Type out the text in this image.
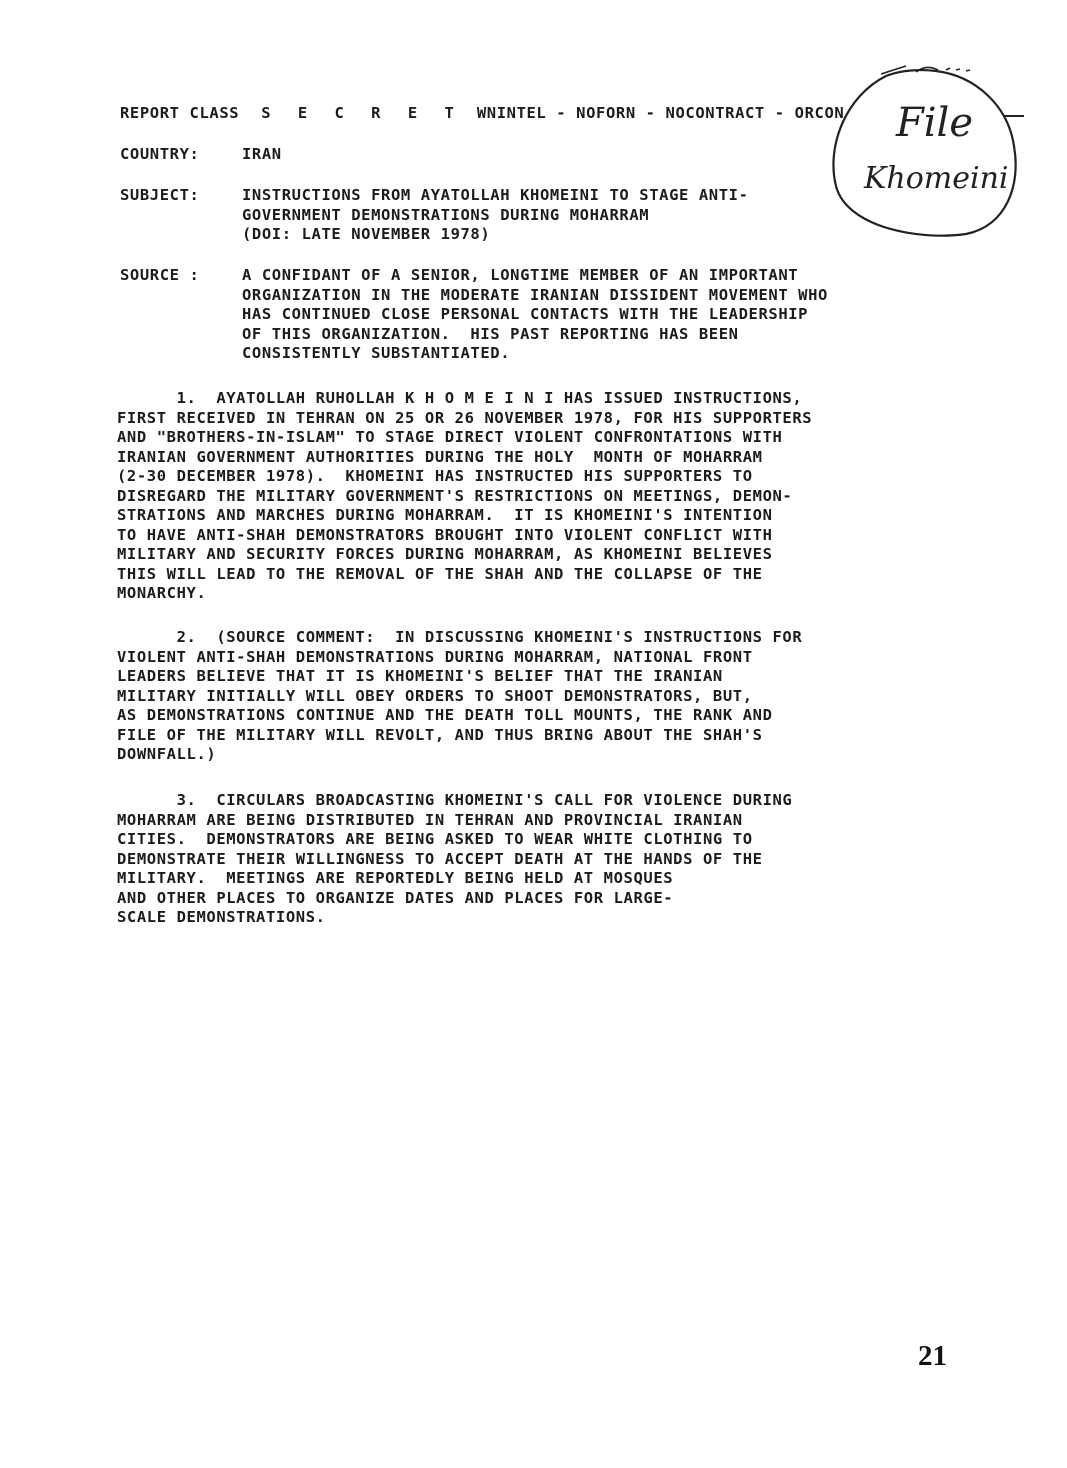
REPORT CLASS S E C R E T WNINTEL - NOFORN - NOCONTRACT - ORCON
COUNTRY:	IRAN
SUBJECT:	INSTRUCTIONS FROM AYATOLLAH KHOMEINI TO STAGE ANTI-
GOVERNMENT DEMONSTRATIONS DURING MOHARRAM
(DOI: LATE NOVEMBER 1978)
SOURCE :	A CONFIDANT OF A SENIOR, LONGTIME MEMBER OF AN IMPORTANT
ORGANIZATION IN THE MODERATE IRANIAN DISSIDENT MOVEMENT WHO
HAS CONTINUED CLOSE PERSONAL CONTACTS WITH THE LEADERSHIP
OF THIS ORGANIZATION.  HIS PAST REPORTING HAS BEEN
CONSISTENTLY SUBSTANTIATED.
1.  AYATOLLAH RUHOLLAH K H O M E I N I HAS ISSUED INSTRUCTIONS,
FIRST RECEIVED IN TEHRAN ON 25 OR 26 NOVEMBER 1978, FOR HIS SUPPORTERS
AND "BROTHERS-IN-ISLAM" TO STAGE DIRECT VIOLENT CONFRONTATIONS WITH
IRANIAN GOVERNMENT AUTHORITIES DURING THE HOLY  MONTH OF MOHARRAM
(2-30 DECEMBER 1978).  KHOMEINI HAS INSTRUCTED HIS SUPPORTERS TO
DISREGARD THE MILITARY GOVERNMENT'S RESTRICTIONS ON MEETINGS, DEMON-
STRATIONS AND MARCHES DURING MOHARRAM.  IT IS KHOMEINI'S INTENTION
TO HAVE ANTI-SHAH DEMONSTRATORS BROUGHT INTO VIOLENT CONFLICT WITH
MILITARY AND SECURITY FORCES DURING MOHARRAM, AS KHOMEINI BELIEVES
THIS WILL LEAD TO THE REMOVAL OF THE SHAH AND THE COLLAPSE OF THE
MONARCHY.
2.  (SOURCE COMMENT:  IN DISCUSSING KHOMEINI'S INSTRUCTIONS FOR
VIOLENT ANTI-SHAH DEMONSTRATIONS DURING MOHARRAM, NATIONAL FRONT
LEADERS BELIEVE THAT IT IS KHOMEINI'S BELIEF THAT THE IRANIAN
MILITARY INITIALLY WILL OBEY ORDERS TO SHOOT DEMONSTRATORS, BUT,
AS DEMONSTRATIONS CONTINUE AND THE DEATH TOLL MOUNTS, THE RANK AND
FILE OF THE MILITARY WILL REVOLT, AND THUS BRING ABOUT THE SHAH'S
DOWNFALL.)
3.  CIRCULARS BROADCASTING KHOMEINI'S CALL FOR VIOLENCE DURING
MOHARRAM ARE BEING DISTRIBUTED IN TEHRAN AND PROVINCIAL IRANIAN
CITIES.  DEMONSTRATORS ARE BEING ASKED TO WEAR WHITE CLOTHING TO
DEMONSTRATE THEIR WILLINGNESS TO ACCEPT DEATH AT THE HANDS OF THE
MILITARY.  MEETINGS ARE REPORTEDLY BEING HELD AT MOSQUES
AND OTHER PLACES TO ORGANIZE DATES AND PLACES FOR LARGE-
SCALE DEMONSTRATIONS.
File
Khomeini
21
